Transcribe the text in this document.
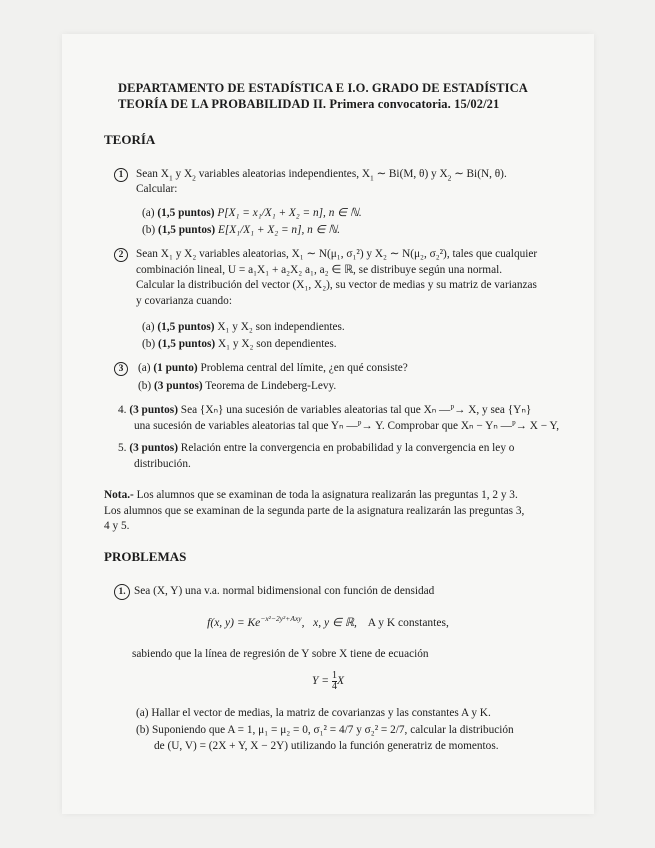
DEPARTAMENTO DE ESTADÍSTICA E I.O. GRADO DE ESTADÍSTICA
TEORÍA DE LA PROBABILIDAD II. Primera convocatoria. 15/02/21
TEORÍA
1	Sean $X_1$ y $X_2$ variables aleatorias independientes, $X_1$ ∼ Bi(M, θ) y $X_2$ ∼ Bi(N, θ).
Calcular:
(a) (1,5 puntos) P[X₁ = x₁/X₁ + X₂ = n], n ∈ ℕ.
(b) (1,5 puntos) E[X₁/X₁ + X₂ = n], n ∈ ℕ.
2	Sean X₁ y X₂ variables aleatorias, X₁ ∼ N(μ₁, σ₁²) y X₂ ∼ N(μ₂, σ₂²), tales que cualquier
combinación lineal, U = a₁X₁ + a₂X₂ a₁, a₂ ∈ ℝ, se distribuye según una normal.
Calcular la distribución del vector (X₁, X₂), su vector de medias y su matriz de varianzas
y covarianza cuando:
(a) (1,5 puntos) X₁ y X₂ son independientes.
(b) (1,5 puntos) X₁ y X₂ son dependientes.
3	(a) (1 punto) Problema central del límite, ¿en qué consiste?
(b) (3 puntos) Teorema de Lindeberg-Levy.
4. (3 puntos) Sea {Xₙ} una sucesión de variables aleatorias tal que Xₙ —ᴾ→ X, y sea {Yₙ}
una sucesión de variables aleatorias tal que Yₙ —ᴾ→ Y. Comprobar que Xₙ − Yₙ —ᴾ→ X − Y,
5. (3 puntos) Relación entre la convergencia en probabilidad y la convergencia en ley o
distribución.
Nota.- Los alumnos que se examinan de toda la asignatura realizarán las preguntas 1, 2 y 3.
Los alumnos que se examinan de la segunda parte de la asignatura realizarán las preguntas 3,
4 y 5.
PROBLEMAS
1. Sea (X, Y) una v.a. normal bidimensional con función de densidad
f(x, $y) = Ke^{-x^2-2y^2+Axy}$,   x, y ∈ ℝ,    A y K constantes,
sabiendo que la línea de regresión de Y sobre X tiene de ecuación
$Y = \frac{1}{4}$ X
(a) Hallar el vector de medias, la matriz de covarianzas y las constantes A y K.
(b) Suponiendo que A = 1, μ₁ = μ₂ = 0, σ₁² = 4/7 y σ₂² = 2/7, calcular la distribución
de (U, V) = (2X + Y, X − 2Y) utilizando la función generatriz de momentos.
